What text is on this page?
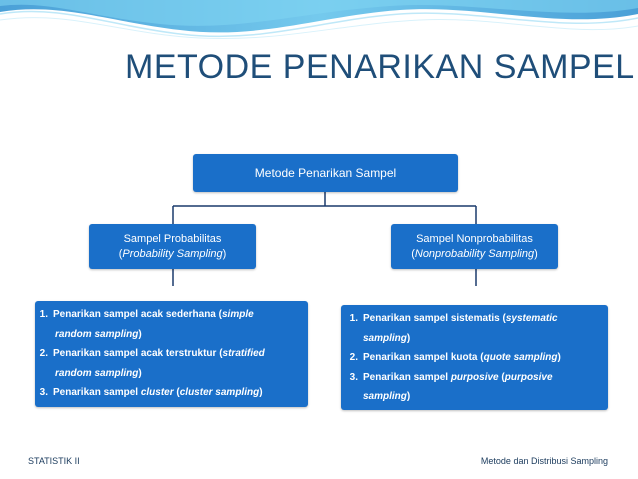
METODE PENARIKAN SAMPEL
Metode Penarikan Sampel
Sampel Probabilitas
(Probability Sampling)
Sampel Nonprobabilitas
(Nonprobability Sampling)
1. Penarikan sampel acak sederhana (simple
random sampling )
2. Penarikan sampel acak terstruktur (stratified
random sampling )
3. Penarikan sampel cluster (cluster sampling)
1. Penarikan sampel sistematis (systematic
sampling )
2. Penarikan sampel kuota (quote sampling)
3. Penarikan sampel purposive (purposive
sampling )
STATISTIK II	Metode dan Distribusi Sampling
